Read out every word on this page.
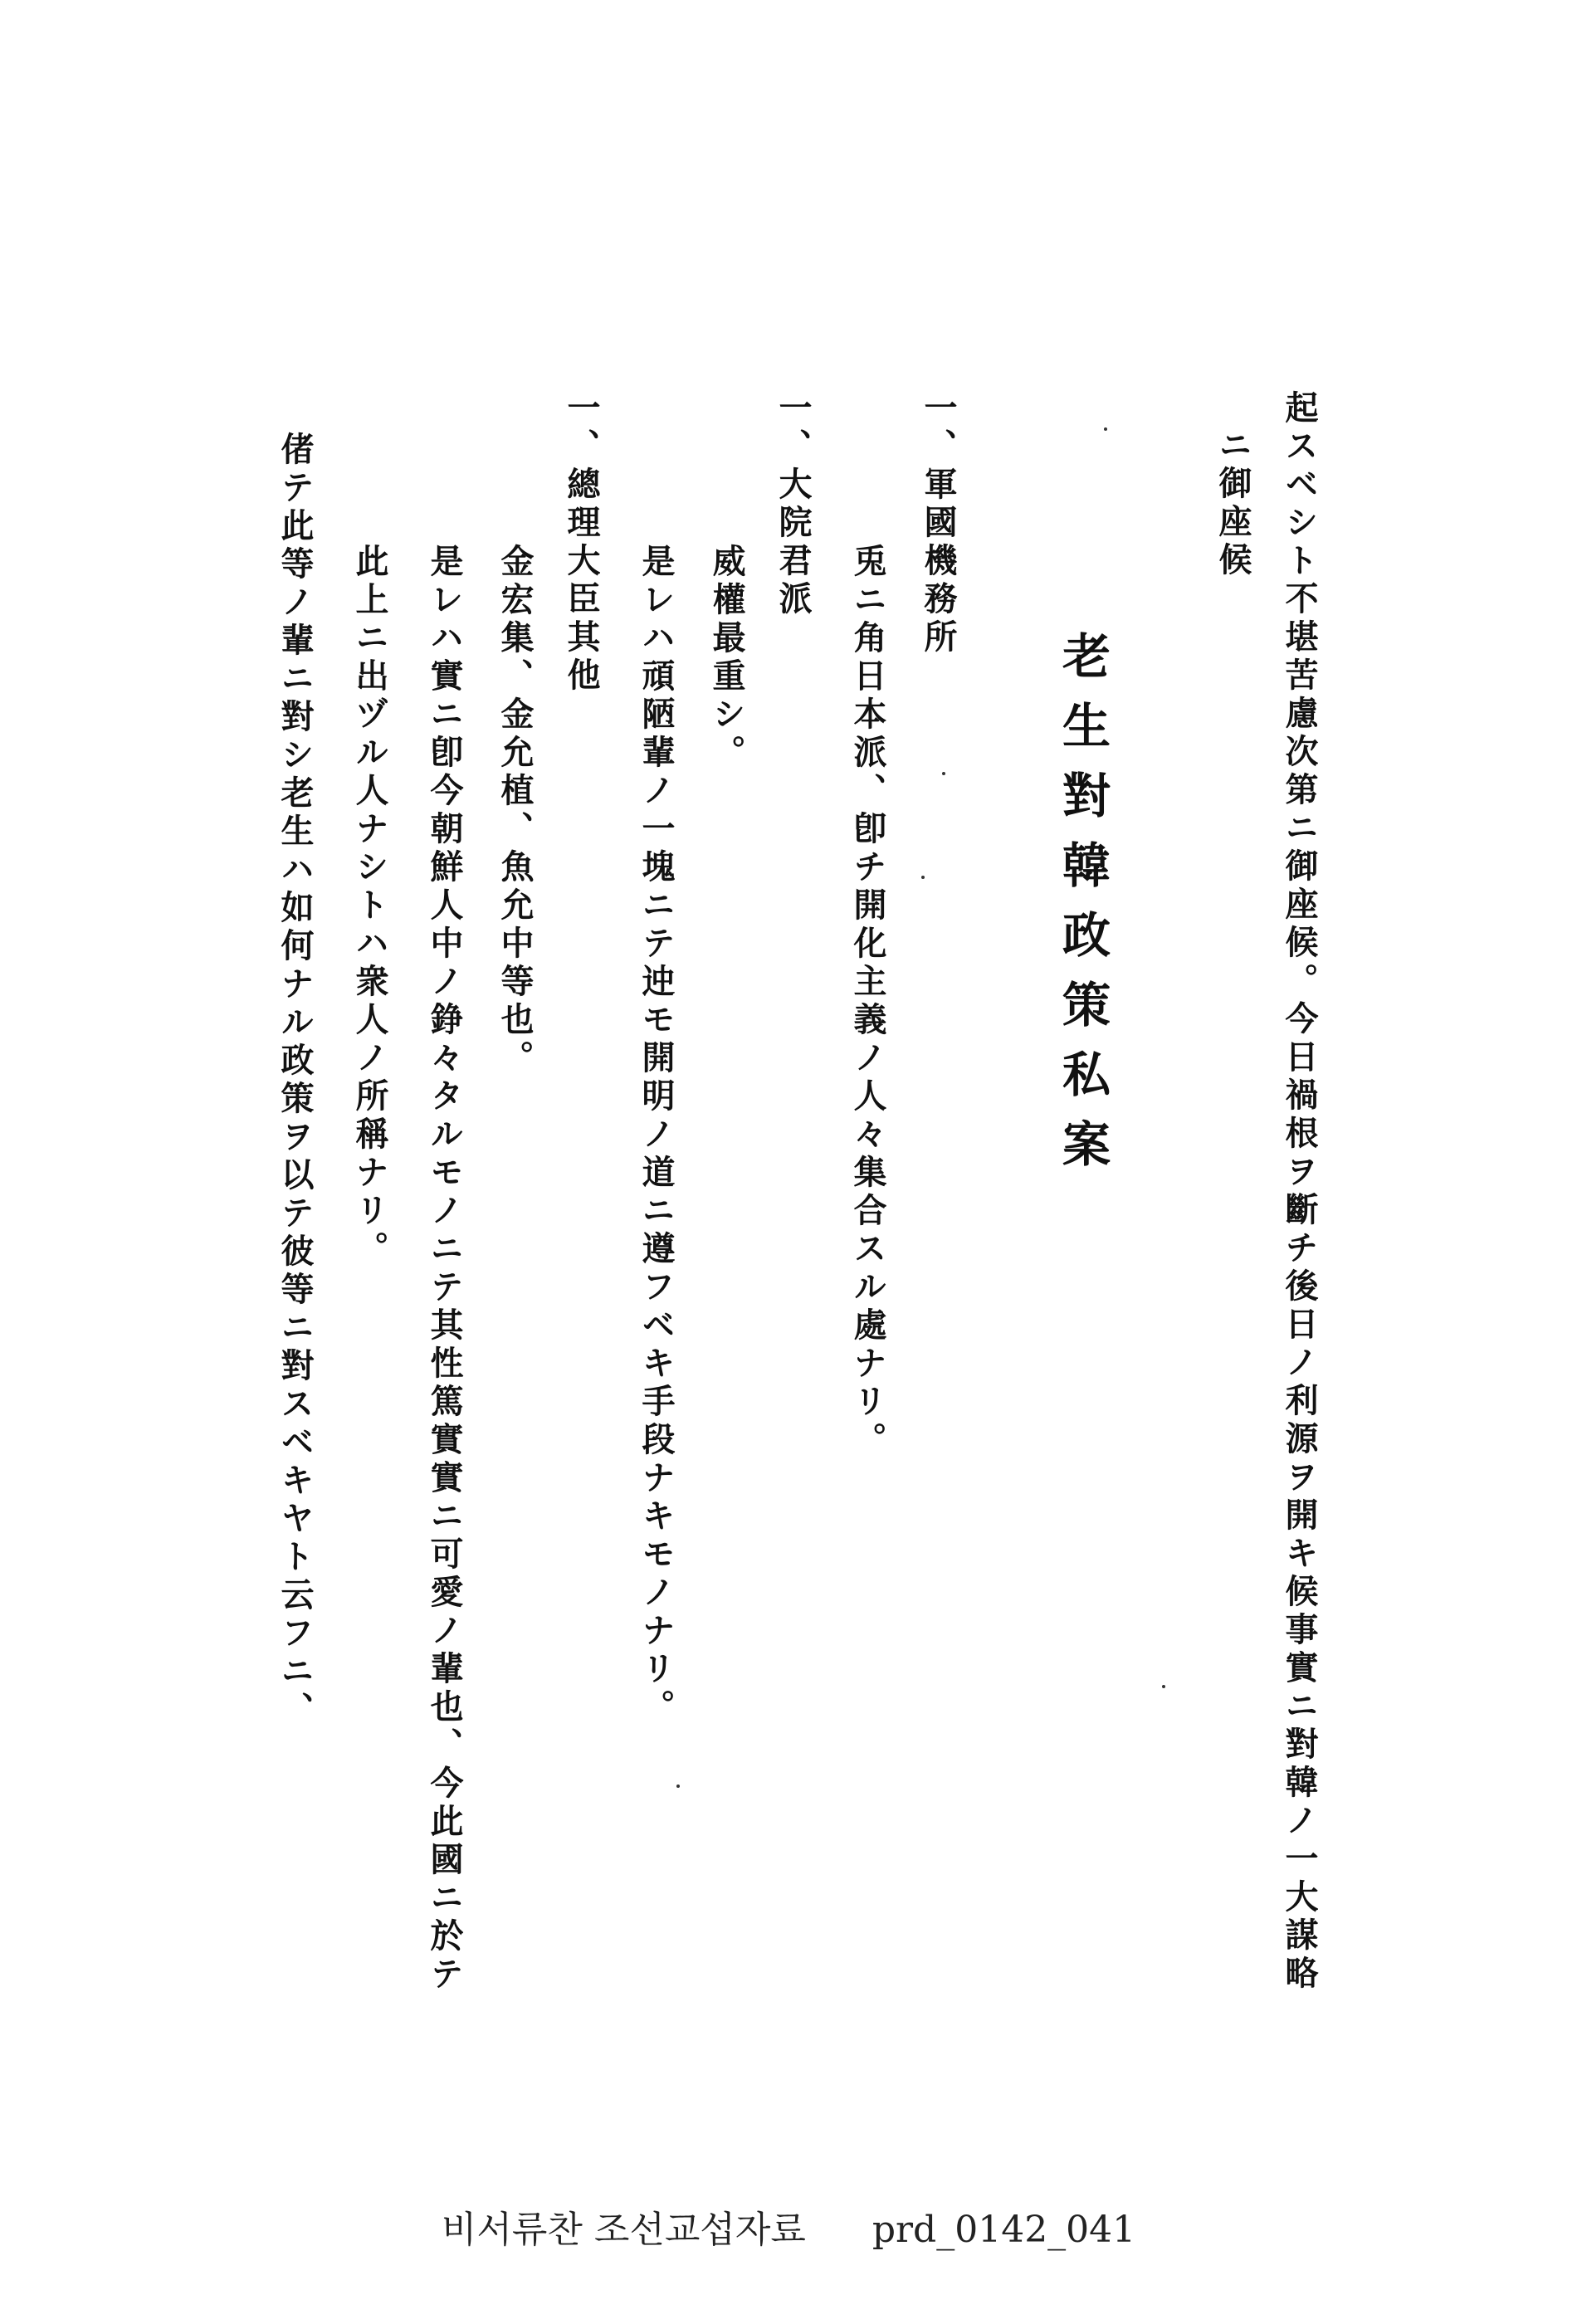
起スベシト不堪苦慮次第ニ御座候。今日禍根ヲ斷チ後日ノ利源ヲ開キ候事實ニ對韓ノ一大謀略
ニ御座候
老生對韓政策私案
一、軍國機務所
兎ニ角日本派、卽チ開化主義ノ人々集合スル處ナリ。
一、大院君派
威權最重シ。
是レハ頑陋輩ノ一塊ニテ迚モ開明ノ道ニ遵フベキ手段ナキモノナリ。
一、總理大臣其他
金宏集、金允植、魚允中等也。
是レハ實ニ卽今朝鮮人中ノ錚々タルモノニテ其性篤實實ニ可愛ノ輩也、今此國ニ於テ
此上ニ出ヅル人ナシトハ衆人ノ所稱ナリ。
偖テ此等ノ輩ニ對シ老生ハ如何ナル政策ヲ以テ彼等ニ對スベキヤト云フニ、
비서류찬 조선교섭자료 prd_0142_041
